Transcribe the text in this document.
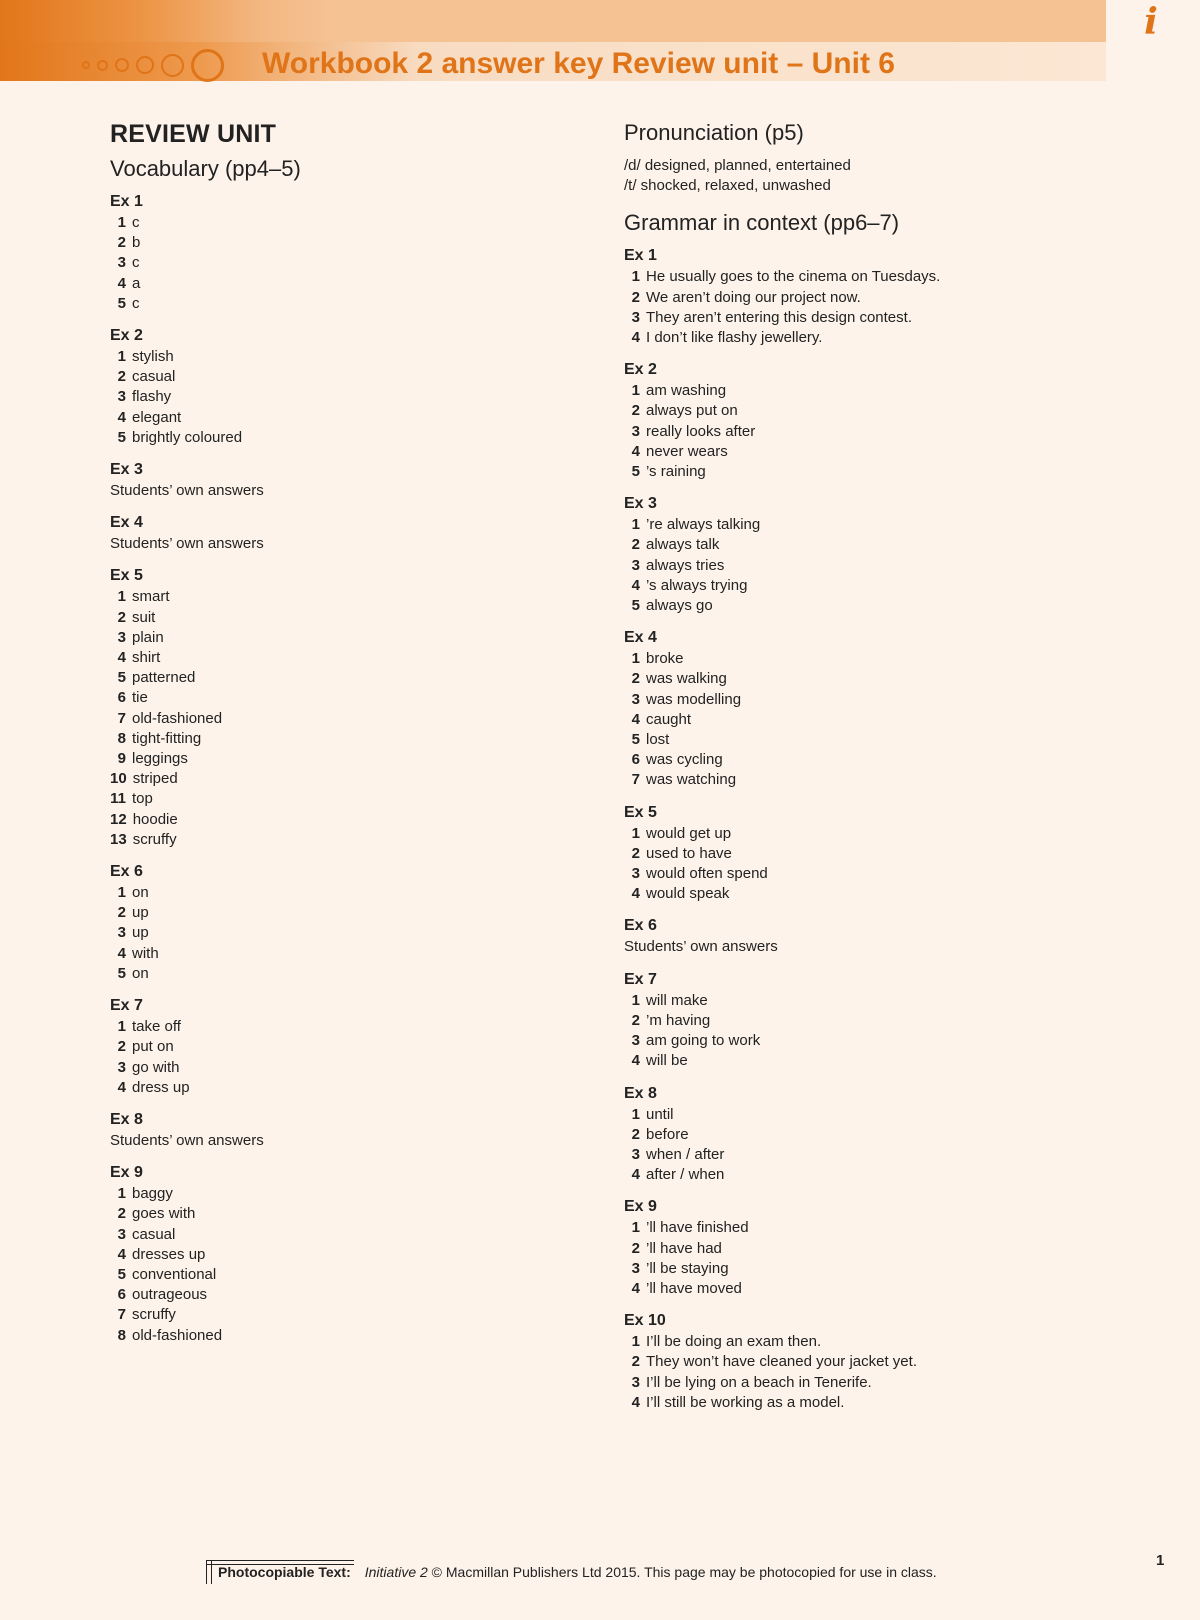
i
Workbook 2 answer key Review unit – Unit 6
REVIEW UNIT
Vocabulary (pp4–5)
Ex 1
1 c
2 b
3 c
4 a
5 c
Ex 2
1 stylish
2 casual
3 flashy
4 elegant
5 brightly coloured
Ex 3
Students’ own answers
Ex 4
Students’ own answers
Ex 5
1 smart
2 suit
3 plain
4 shirt
5 patterned
6 tie
7 old-fashioned
8 tight-fitting
9 leggings
10 striped
11 top
12 hoodie
13 scruffy
Ex 6
1 on
2 up
3 up
4 with
5 on
Ex 7
1 take off
2 put on
3 go with
4 dress up
Ex 8
Students’ own answers
Ex 9
1 baggy
2 goes with
3 casual
4 dresses up
5 conventional
6 outrageous
7 scruffy
8 old-fashioned
Pronunciation (p5)
/d/ designed, planned, entertained
/t/ shocked, relaxed, unwashed
Grammar in context (pp6–7)
Ex 1
1 He usually goes to the cinema on Tuesdays.
2 We aren’t doing our project now.
3 They aren’t entering this design contest.
4 I don’t like flashy jewellery.
Ex 2
1 am washing
2 always put on
3 really looks after
4 never wears
5 ’s raining
Ex 3
1 ’re always talking
2 always talk
3 always tries
4 ’s always trying
5 always go
Ex 4
1 broke
2 was walking
3 was modelling
4 caught
5 lost
6 was cycling
7 was watching
Ex 5
1 would get up
2 used to have
3 would often spend
4 would speak
Ex 6
Students’ own answers
Ex 7
1 will make
2 ’m having
3 am going to work
4 will be
Ex 8
1 until
2 before
3 when / after
4 after / when
Ex 9
1 ’ll have finished
2 ’ll have had
3 ’ll be staying
4 ’ll have moved
Ex 10
1 I’ll be doing an exam then.
2 They won’t have cleaned your jacket yet.
3 I’ll be lying on a beach in Tenerife.
4 I’ll still be working as a model.
Photocopiable Text:	Initiative 2 © Macmillan Publishers Ltd 2015. This page may be photocopied for use in class.
1
